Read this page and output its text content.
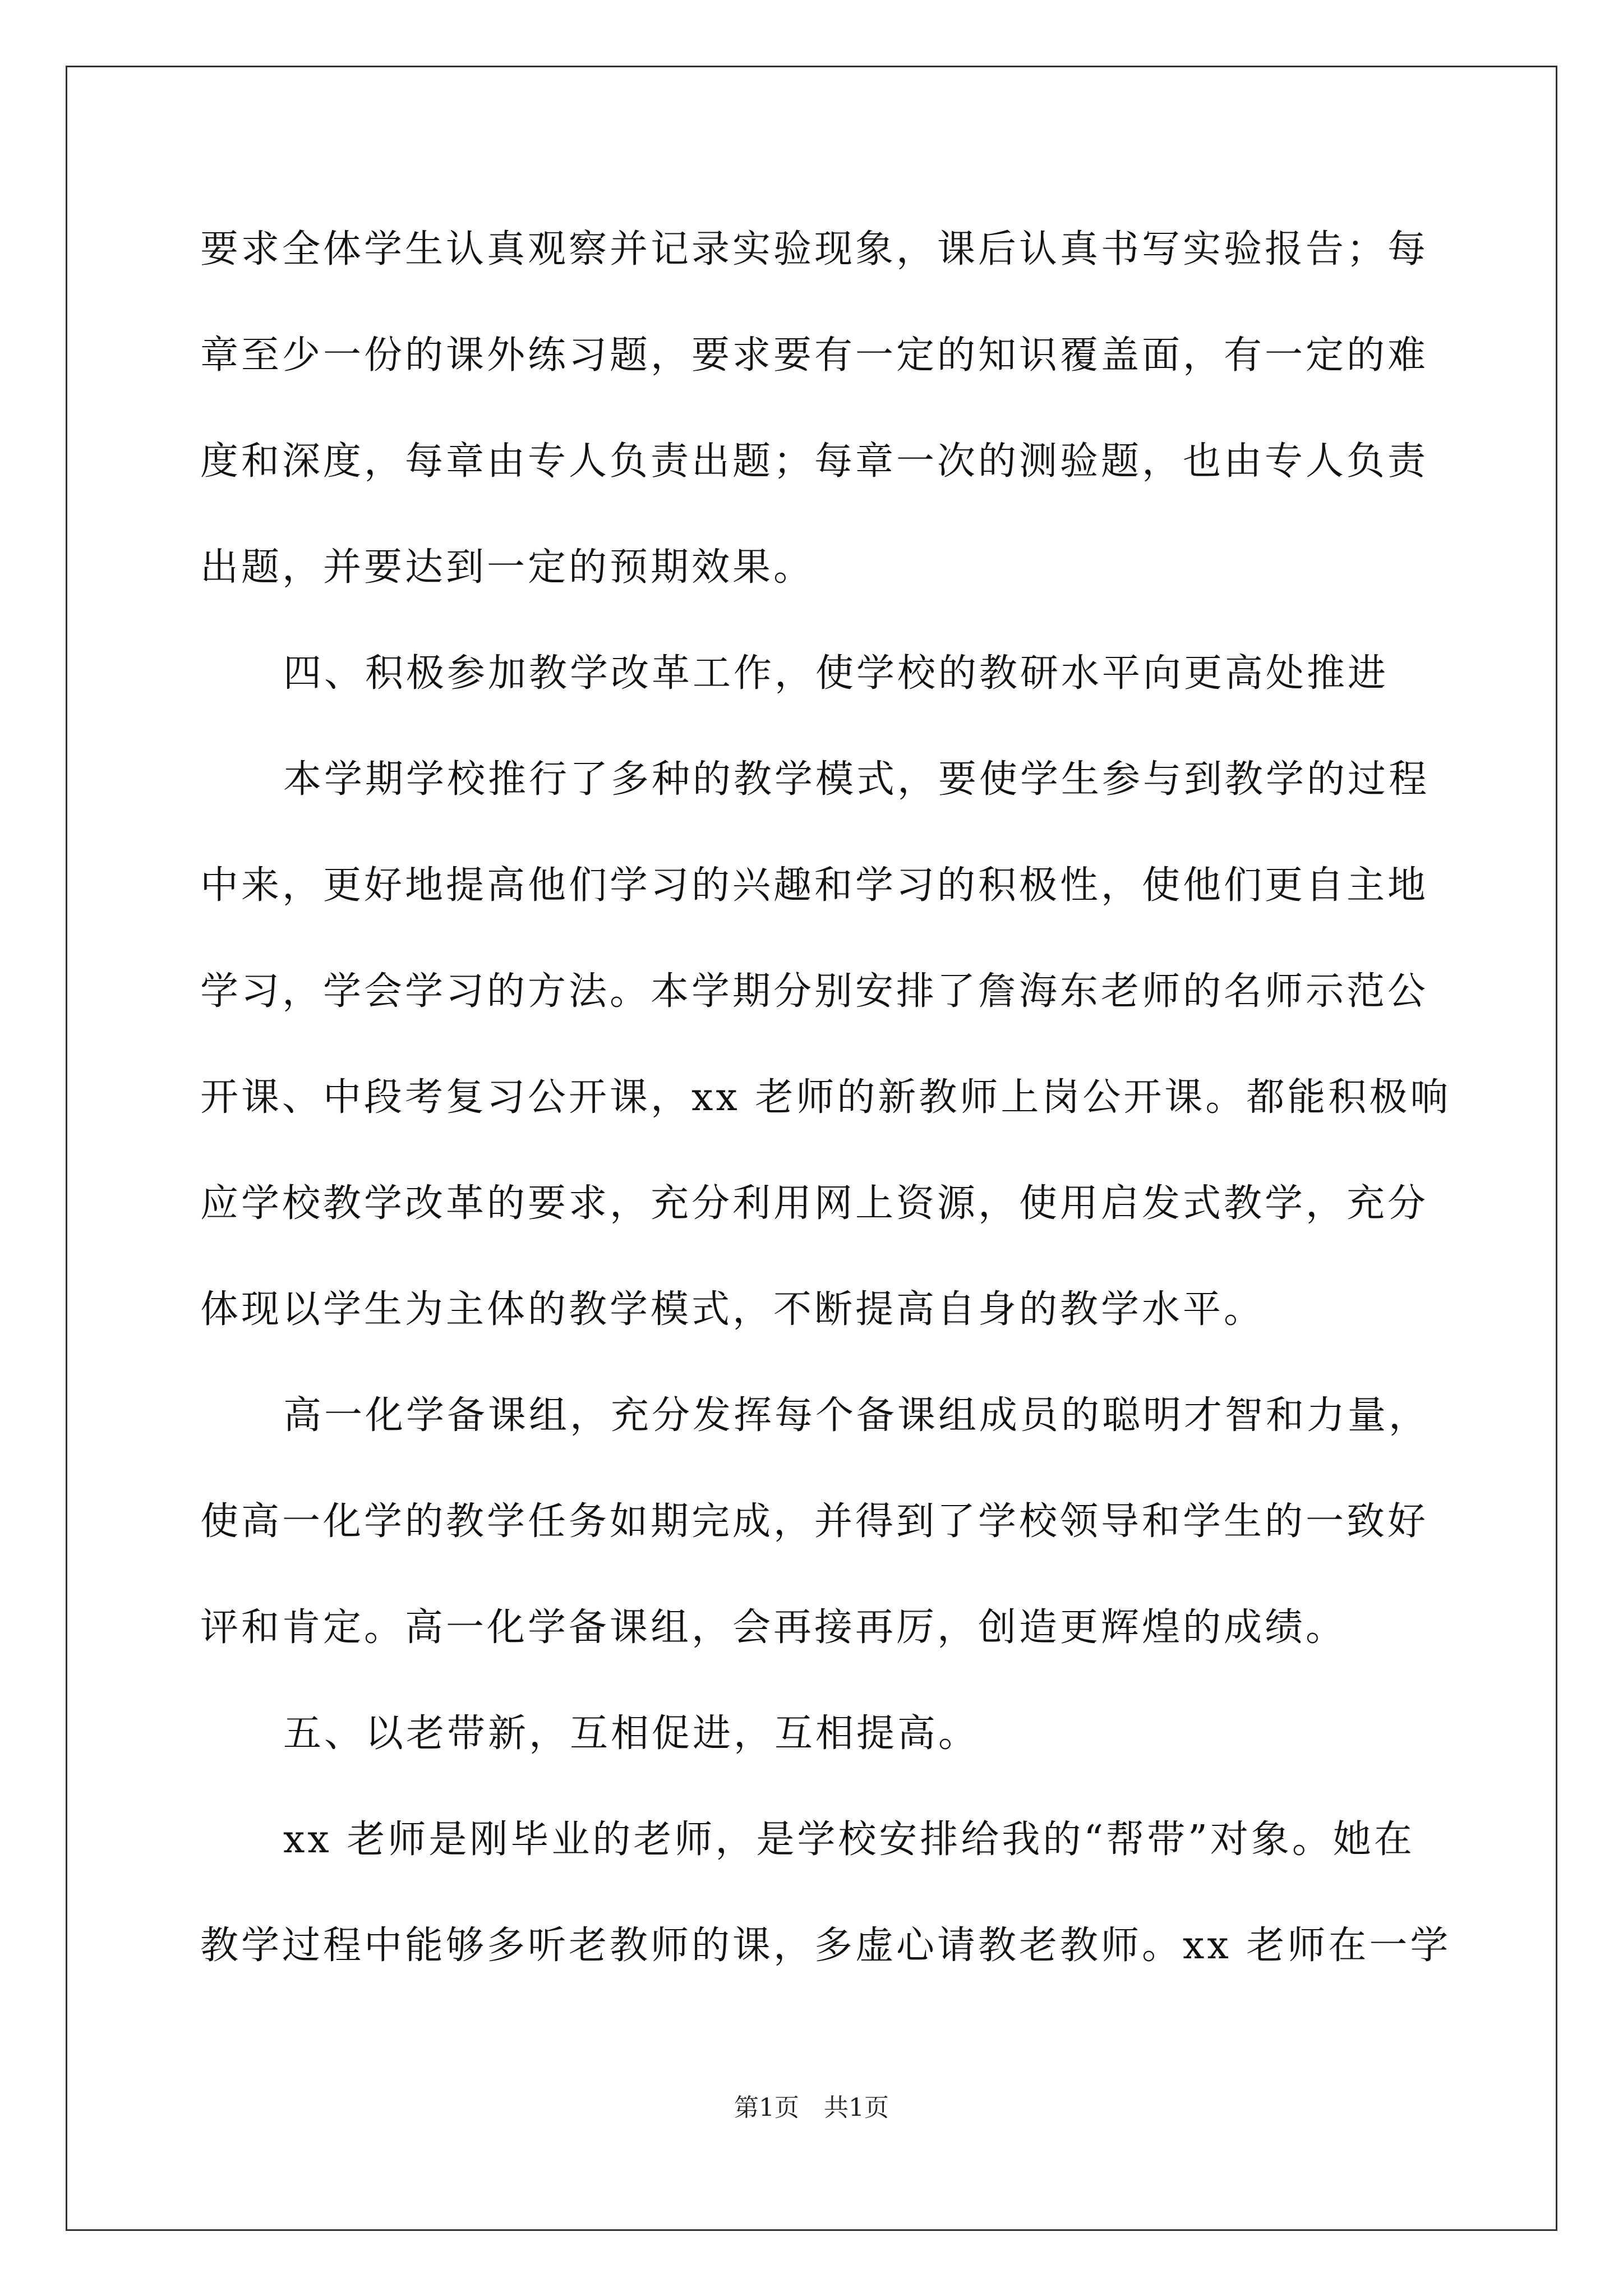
要求全体学生认真观察并记录实验现象，课后认真书写实验报告；每
章至少一份的课外练习题，要求要有一定的知识覆盖面，有一定的难
度和深度，每章由专人负责出题；每章一次的测验题，也由专人负责
出题，并要达到一定的预期效果。
四、积极参加教学改革工作，使学校的教研水平向更高处推进
本学期学校推行了多种的教学模式，要使学生参与到教学的过程
中来，更好地提高他们学习的兴趣和学习的积极性，使他们更自主地
学习，学会学习的方法。本学期分别安排了詹海东老师的名师示范公
开课、中段考复习公开课，xx 老师的新教师上岗公开课。都能积极响
应学校教学改革的要求，充分利用网上资源，使用启发式教学，充分
体现以学生为主体的教学模式，不断提高自身的教学水平。
高一化学备课组，充分发挥每个备课组成员的聪明才智和力量，
使高一化学的教学任务如期完成，并得到了学校领导和学生的一致好
评和肯定。高一化学备课组，会再接再厉，创造更辉煌的成绩。
五、以老带新，互相促进，互相提高。
xx 老师是刚毕业的老师，是学校安排给我的“帮带”对象。她在
教学过程中能够多听老教师的课，多虚心请教老教师。xx 老师在一学
第1页　共1页
